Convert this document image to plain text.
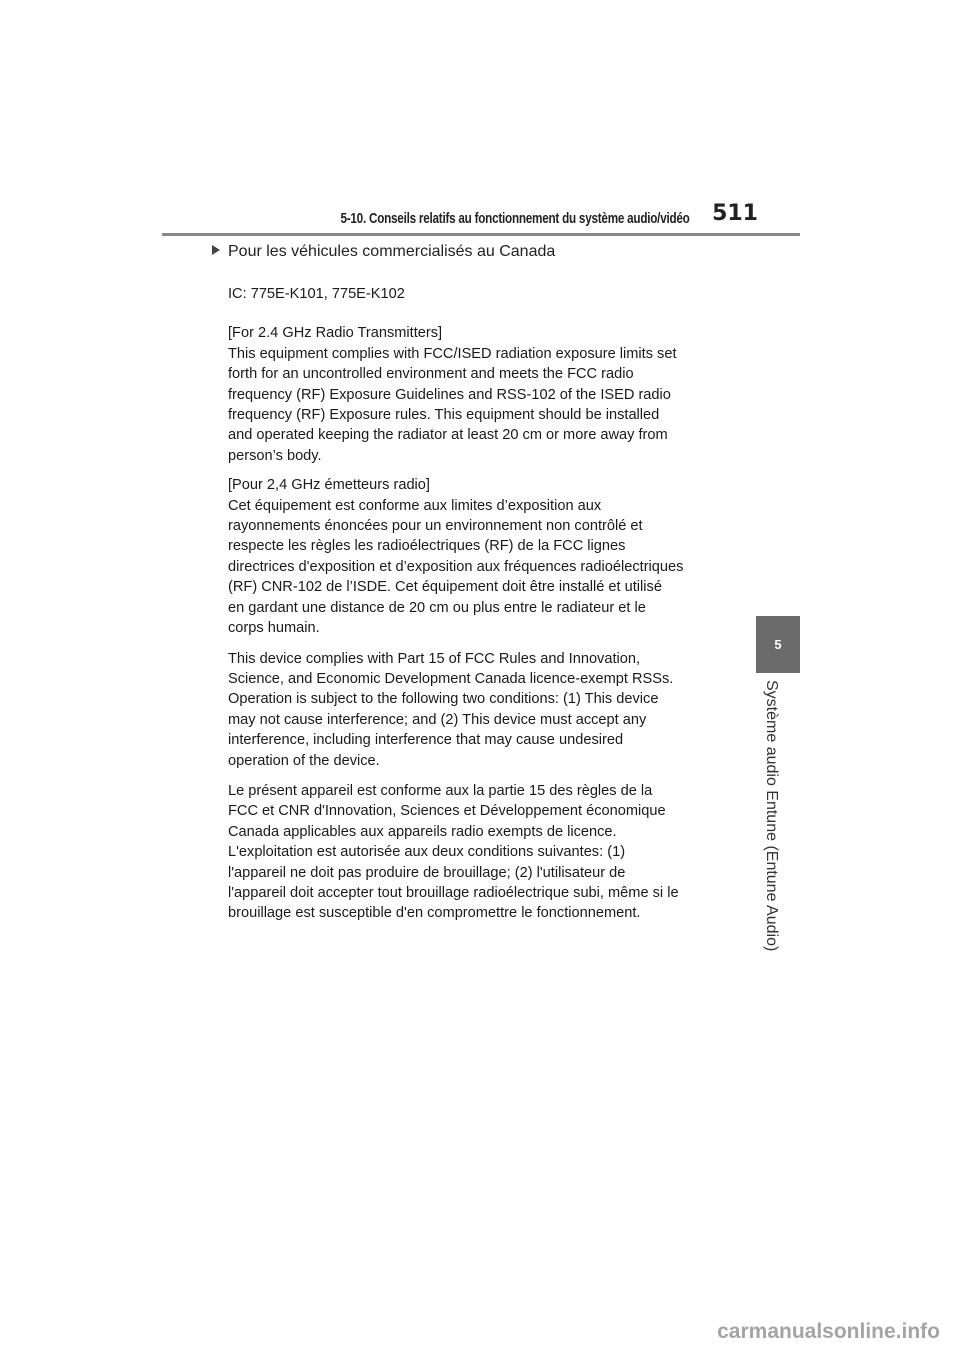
5-10. Conseils relatifs au fonctionnement du système audio/vidéo 511
5
Système audio Entune (Entune Audio)
Pour les véhicules commercialisés au Canada
IC: 775E-K101, 775E-K102
[For 2.4 GHz Radio Transmitters]
This equipment complies with FCC/ISED radiation exposure limits set
forth for an uncontrolled environment and meets the FCC radio
frequency (RF) Exposure Guidelines and RSS-102 of the ISED radio
frequency (RF) Exposure rules. This equipment should be installed
and operated keeping the radiator at least 20 cm or more away from
person’s body.
[Pour 2,4 GHz émetteurs radio]
Cet équipement est conforme aux limites d’exposition aux
rayonnements énoncées pour un environnement non contrôlé et
respecte les règles les radioélectriques (RF) de la FCC lignes
directrices d'exposition et d’exposition aux fréquences radioélectriques
(RF) CNR-102 de l’ISDE. Cet équipement doit être installé et utilisé
en gardant une distance de 20 cm ou plus entre le radiateur et le
corps humain.
This device complies with Part 15 of FCC Rules and Innovation,
Science, and Economic Development Canada licence-exempt RSSs.
Operation is subject to the following two conditions: (1) This device
may not cause interference; and (2) This device must accept any
interference, including interference that may cause undesired
operation of the device.
Le présent appareil est conforme aux la partie 15 des règles de la
FCC et CNR d'Innovation, Sciences et Développement économique
Canada applicables aux appareils radio exempts de licence.
L'exploitation est autorisée aux deux conditions suivantes: (1)
l'appareil ne doit pas produire de brouillage; (2) l'utilisateur de
l'appareil doit accepter tout brouillage radioélectrique subi, même si le
brouillage est susceptible d'en compromettre le fonctionnement.
carmanualsonline.info
